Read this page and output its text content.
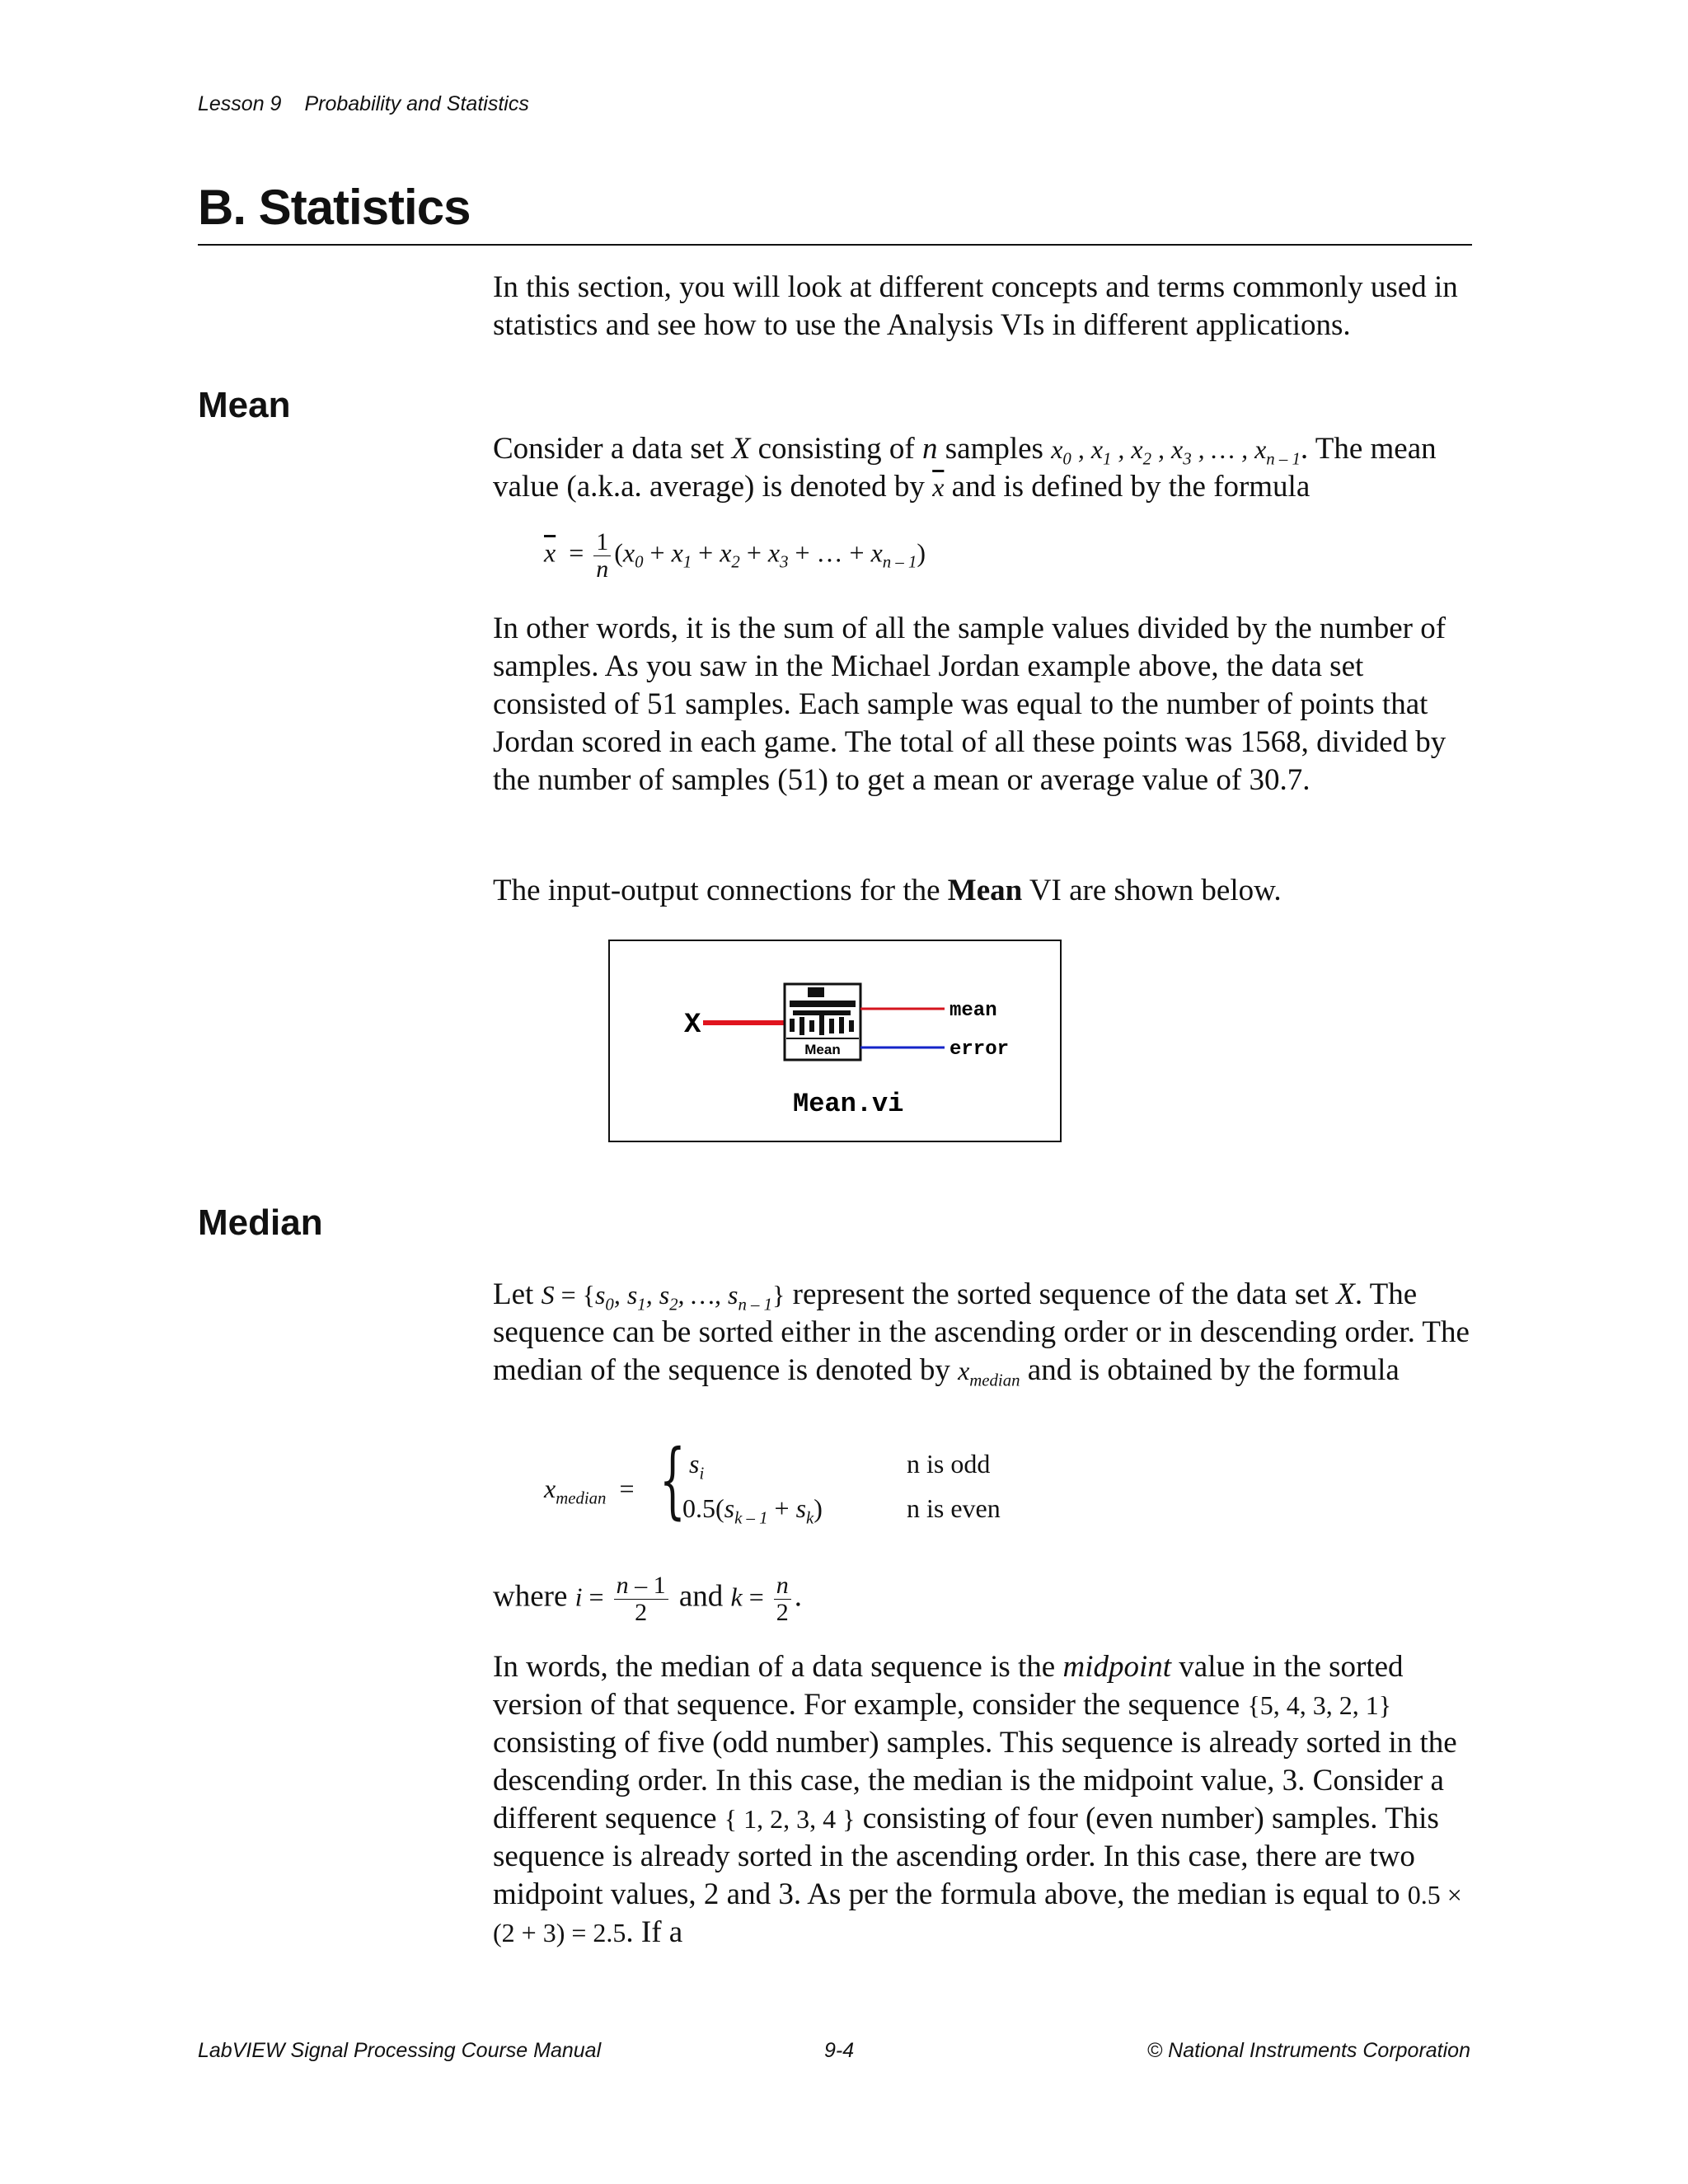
Lesson 9 Probability and Statistics
B. Statistics

In this section, you will look at different concepts and terms commonly used in statistics and see how to use the Analysis VIs in different applications.

Mean

Consider a data set X consisting of n samples $x_0$ , $x_1$ , $x_2$ , $x_3$ , … , $x_{n - 1}$. The mean value (a.k.a. average) is denoted by $\overline{x}$ and is defined by the formula

$\overline{x} = \frac{1}{n} (x_0 + x_1 + x_2 + x_3$ + … + $x_{n - 1}$)

In other words, it is the sum of all the sample values divided by the number of samples. As you saw in the Michael Jordan example above, the data set consisted of 51 samples. Each sample was equal to the number of points that Jordan scored in each game. The total of all these points was 1568, divided by the number of samples (51) to get a mean or average value of 30.7.

The input-output connections for the Mean VI are shown below.

X
Mean
mean
error
Mean.vi
Median

Let $S = \{s_0$, $s_1$, $s_2$, …, $s_{n - 1}$} represent the sorted sequence of the data set X. The sequence can be sorted either in the ascending order or in descending order. The median of the sequence is denoted by $x_{median}$ and is obtained by the formula

$x_{median}$  = { $s_i$
$0.5(s_{k - 1} + s_k)$
n is odd
n is even

where $i = \frac{n - 1}{2}$ and $k = \frac{n}{2}$ .

In words, the median of a data sequence is the midpoint value in the sorted version of that sequence. For example, consider the sequence {5, 4, 3, 2, 1} consisting of five (odd number) samples. This sequence is already sorted in the descending order. In this case, the median is the midpoint value, 3. Consider a different sequence { 1, 2, 3, 4 } consisting of four (even number) samples. This sequence is already sorted in the ascending order. In this case, there are two midpoint values, 2 and 3. As per the formula above, the median is equal to 0.5 × (2 + 3) = 2.5. If a

LabVIEW Signal Processing Course Manual	9-4	© National Instruments Corporation
